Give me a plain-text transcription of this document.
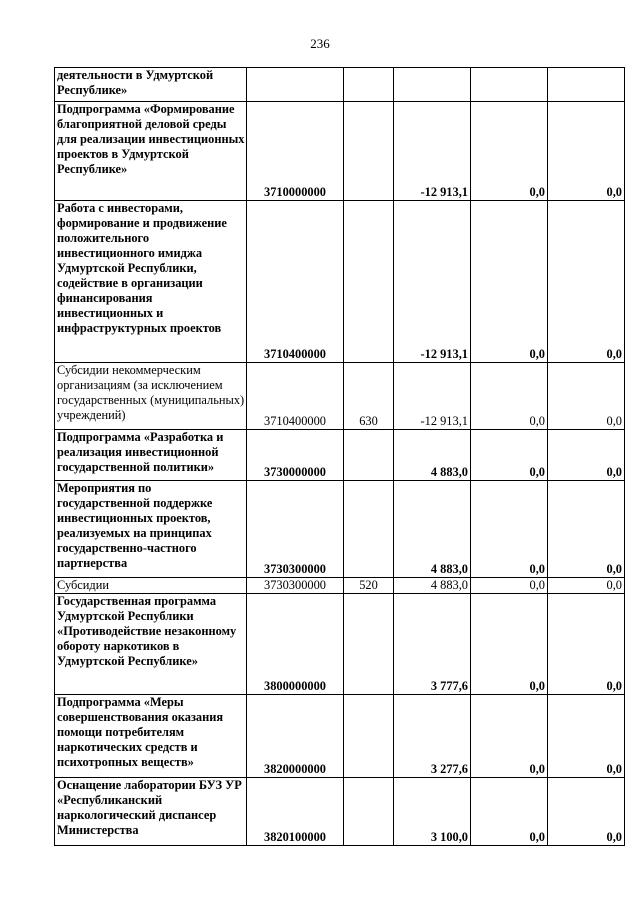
236
деятельности в Удмуртской Республике»					

Подпрограмма «Формирование благоприятной деловой среды для реализации инвестиционных проектов в Удмуртской Республике»	3710000000		-12 913,1	0,0	0,0

Работа с инвесторами, формирование и продвижение положительного инвестиционного имиджа Удмуртской Республики, содействие в организации финансирования инвестиционных и инфраструктурных проектов	3710400000		-12 913,1	0,0	0,0

Субсидии некоммерческим организациям (за исключением государственных (муниципальных) учреждений)	3710400000	630	-12 913,1	0,0	0,0

Подпрограмма «Разработка и реализация инвестиционной государственной политики»	3730000000		4 883,0	0,0	0,0

Мероприятия по государственной поддержке инвестиционных проектов, реализуемых на принципах государственно-частного партнерства	3730300000		4 883,0	0,0	0,0

Субсидии	3730300000	520	4 883,0	0,0	0,0

Государственная программа Удмуртской Республики «Противодействие незаконному обороту наркотиков в Удмуртской Республике»	3800000000		3 777,6	0,0	0,0

Подпрограмма «Меры совершенствования оказания помощи потребителям наркотических средств и психотропных веществ»	3820000000		3 277,6	0,0	0,0

Оснащение лаборатории БУЗ УР «Республиканский наркологический диспансер Министерства	3820100000		3 100,0	0,0	0,0
